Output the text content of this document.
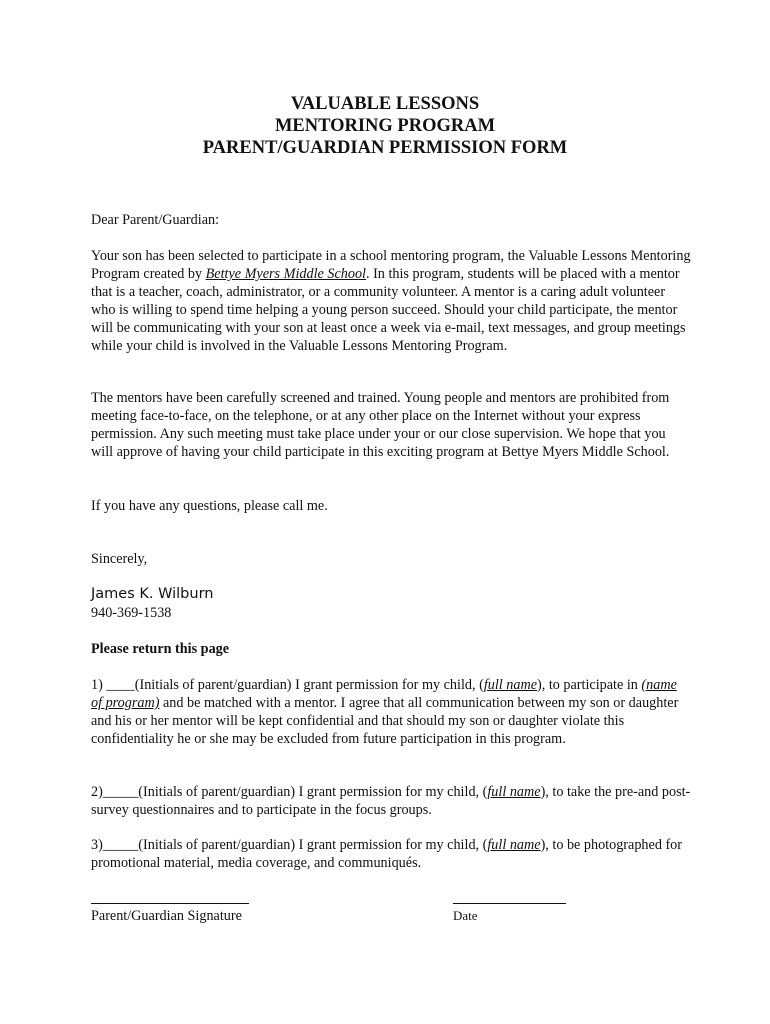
VALUABLE LESSONS
MENTORING PROGRAM
PARENT/GUARDIAN PERMISSION FORM
Dear Parent/Guardian:
Your son has been selected to participate in a school mentoring program, the Valuable Lessons Mentoring Program created by Bettye Myers Middle School. In this program, students will be placed with a mentor that is a teacher, coach, administrator, or a community volunteer. A mentor is a caring adult volunteer who is willing to spend time helping a young person succeed. Should your child participate, the mentor will be communicating with your son at least once a week via e-mail, text messages, and group meetings while your child is involved in the Valuable Lessons Mentoring Program.
The mentors have been carefully screened and trained. Young people and mentors are prohibited from meeting face-to-face, on the telephone, or at any other place on the Internet without your express permission. Any such meeting must take place under your or our close supervision. We hope that you will approve of having your child participate in this exciting program at Bettye Myers Middle School.
If you have any questions, please call me.
Sincerely,
James K. Wilburn
940-369-1538
Please return this page
1) ____(Initials of parent/guardian) I grant permission for my child, (full name), to participate in (name of program) and be matched with a mentor. I agree that all communication between my son or daughter and his or her mentor will be kept confidential and that should my son or daughter violate this confidentiality he or she may be excluded from future participation in this program.
2)_____(Initials of parent/guardian) I grant permission for my child, (full name), to take the pre-and post-survey questionnaires and to participate in the focus groups.
3)_____(Initials of parent/guardian) I grant permission for my child, (full name), to be photographed for promotional material, media coverage, and communiqués.
Parent/Guardian Signature	Date
